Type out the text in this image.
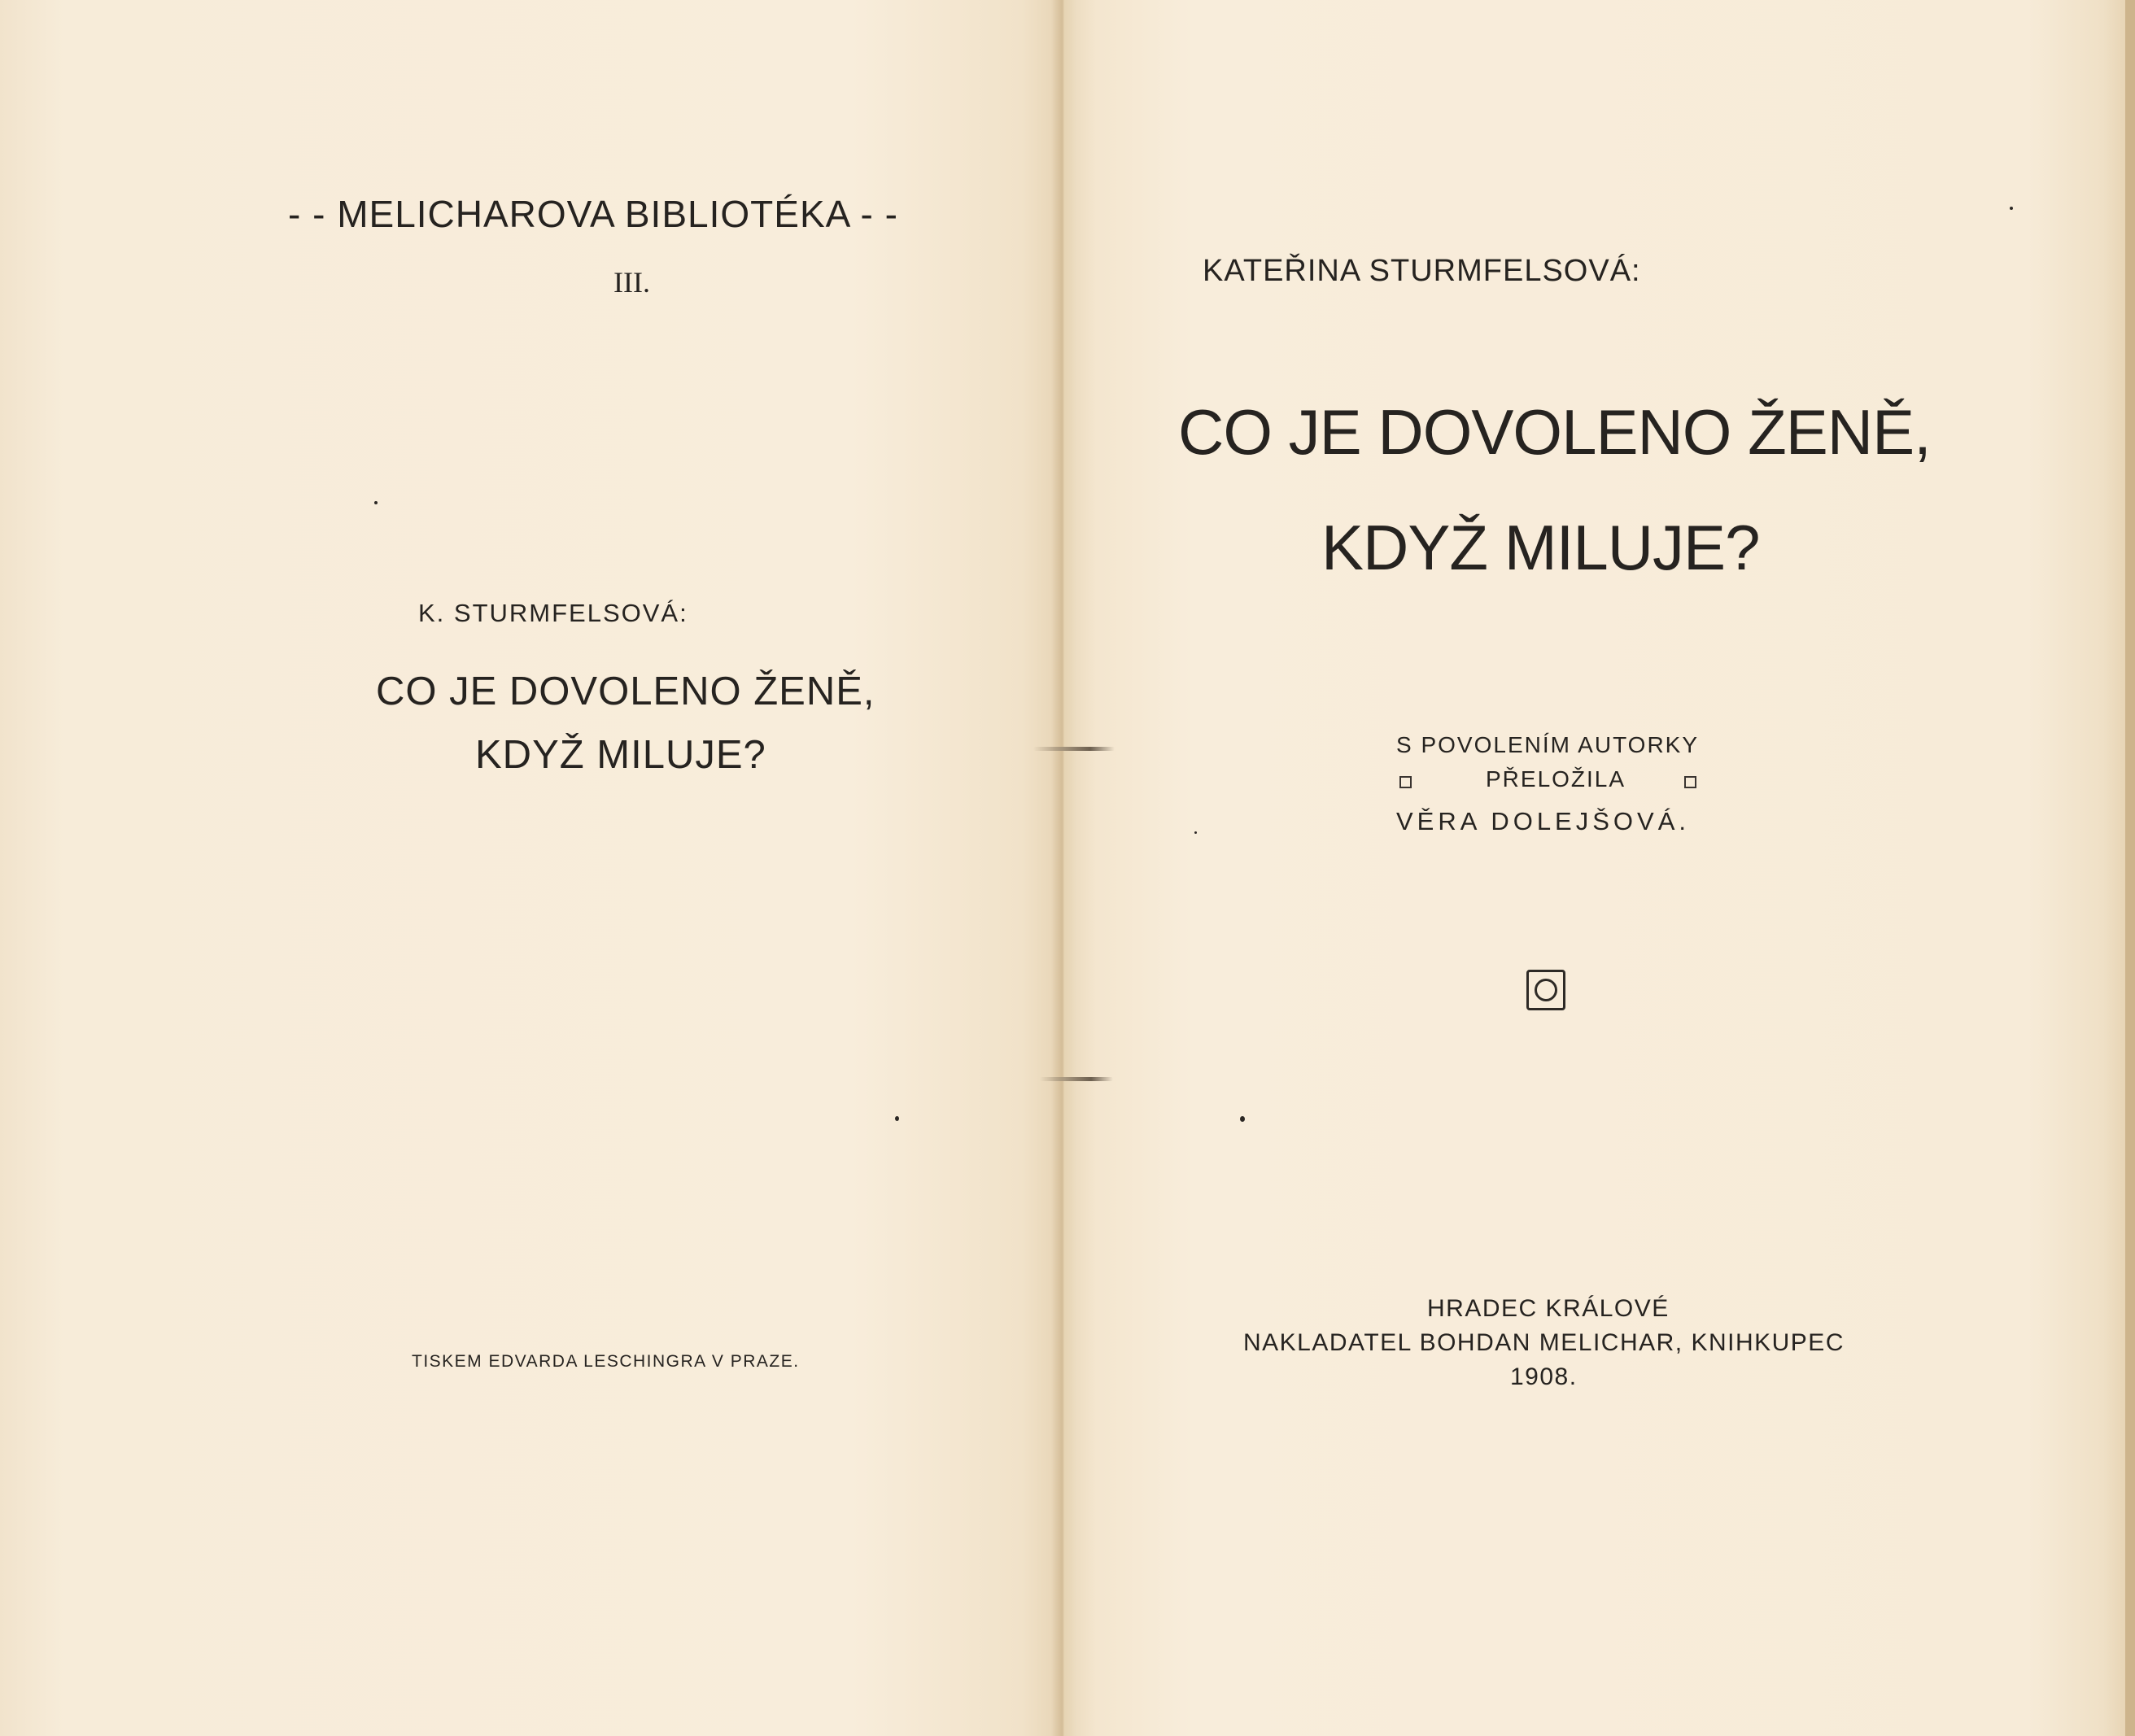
- - MELICHAROVA BIBLIOTÉKA - -
III.
K. STURMFELSOVÁ:
CO JE DOVOLENO ŽENĚ,
KDYŽ MILUJE?
TISKEM EDVARDA LESCHINGRA V PRAZE.
KATEŘINA STURMFELSOVÁ:
CO JE DOVOLENO ŽENĚ,
KDYŽ MILUJE?
S POVOLENÍM AUTORKY
PŘELOŽILA
VĚRA DOLEJŠOVÁ.
HRADEC KRÁLOVÉ
NAKLADATEL BOHDAN MELICHAR, KNIHKUPEC
1908.
